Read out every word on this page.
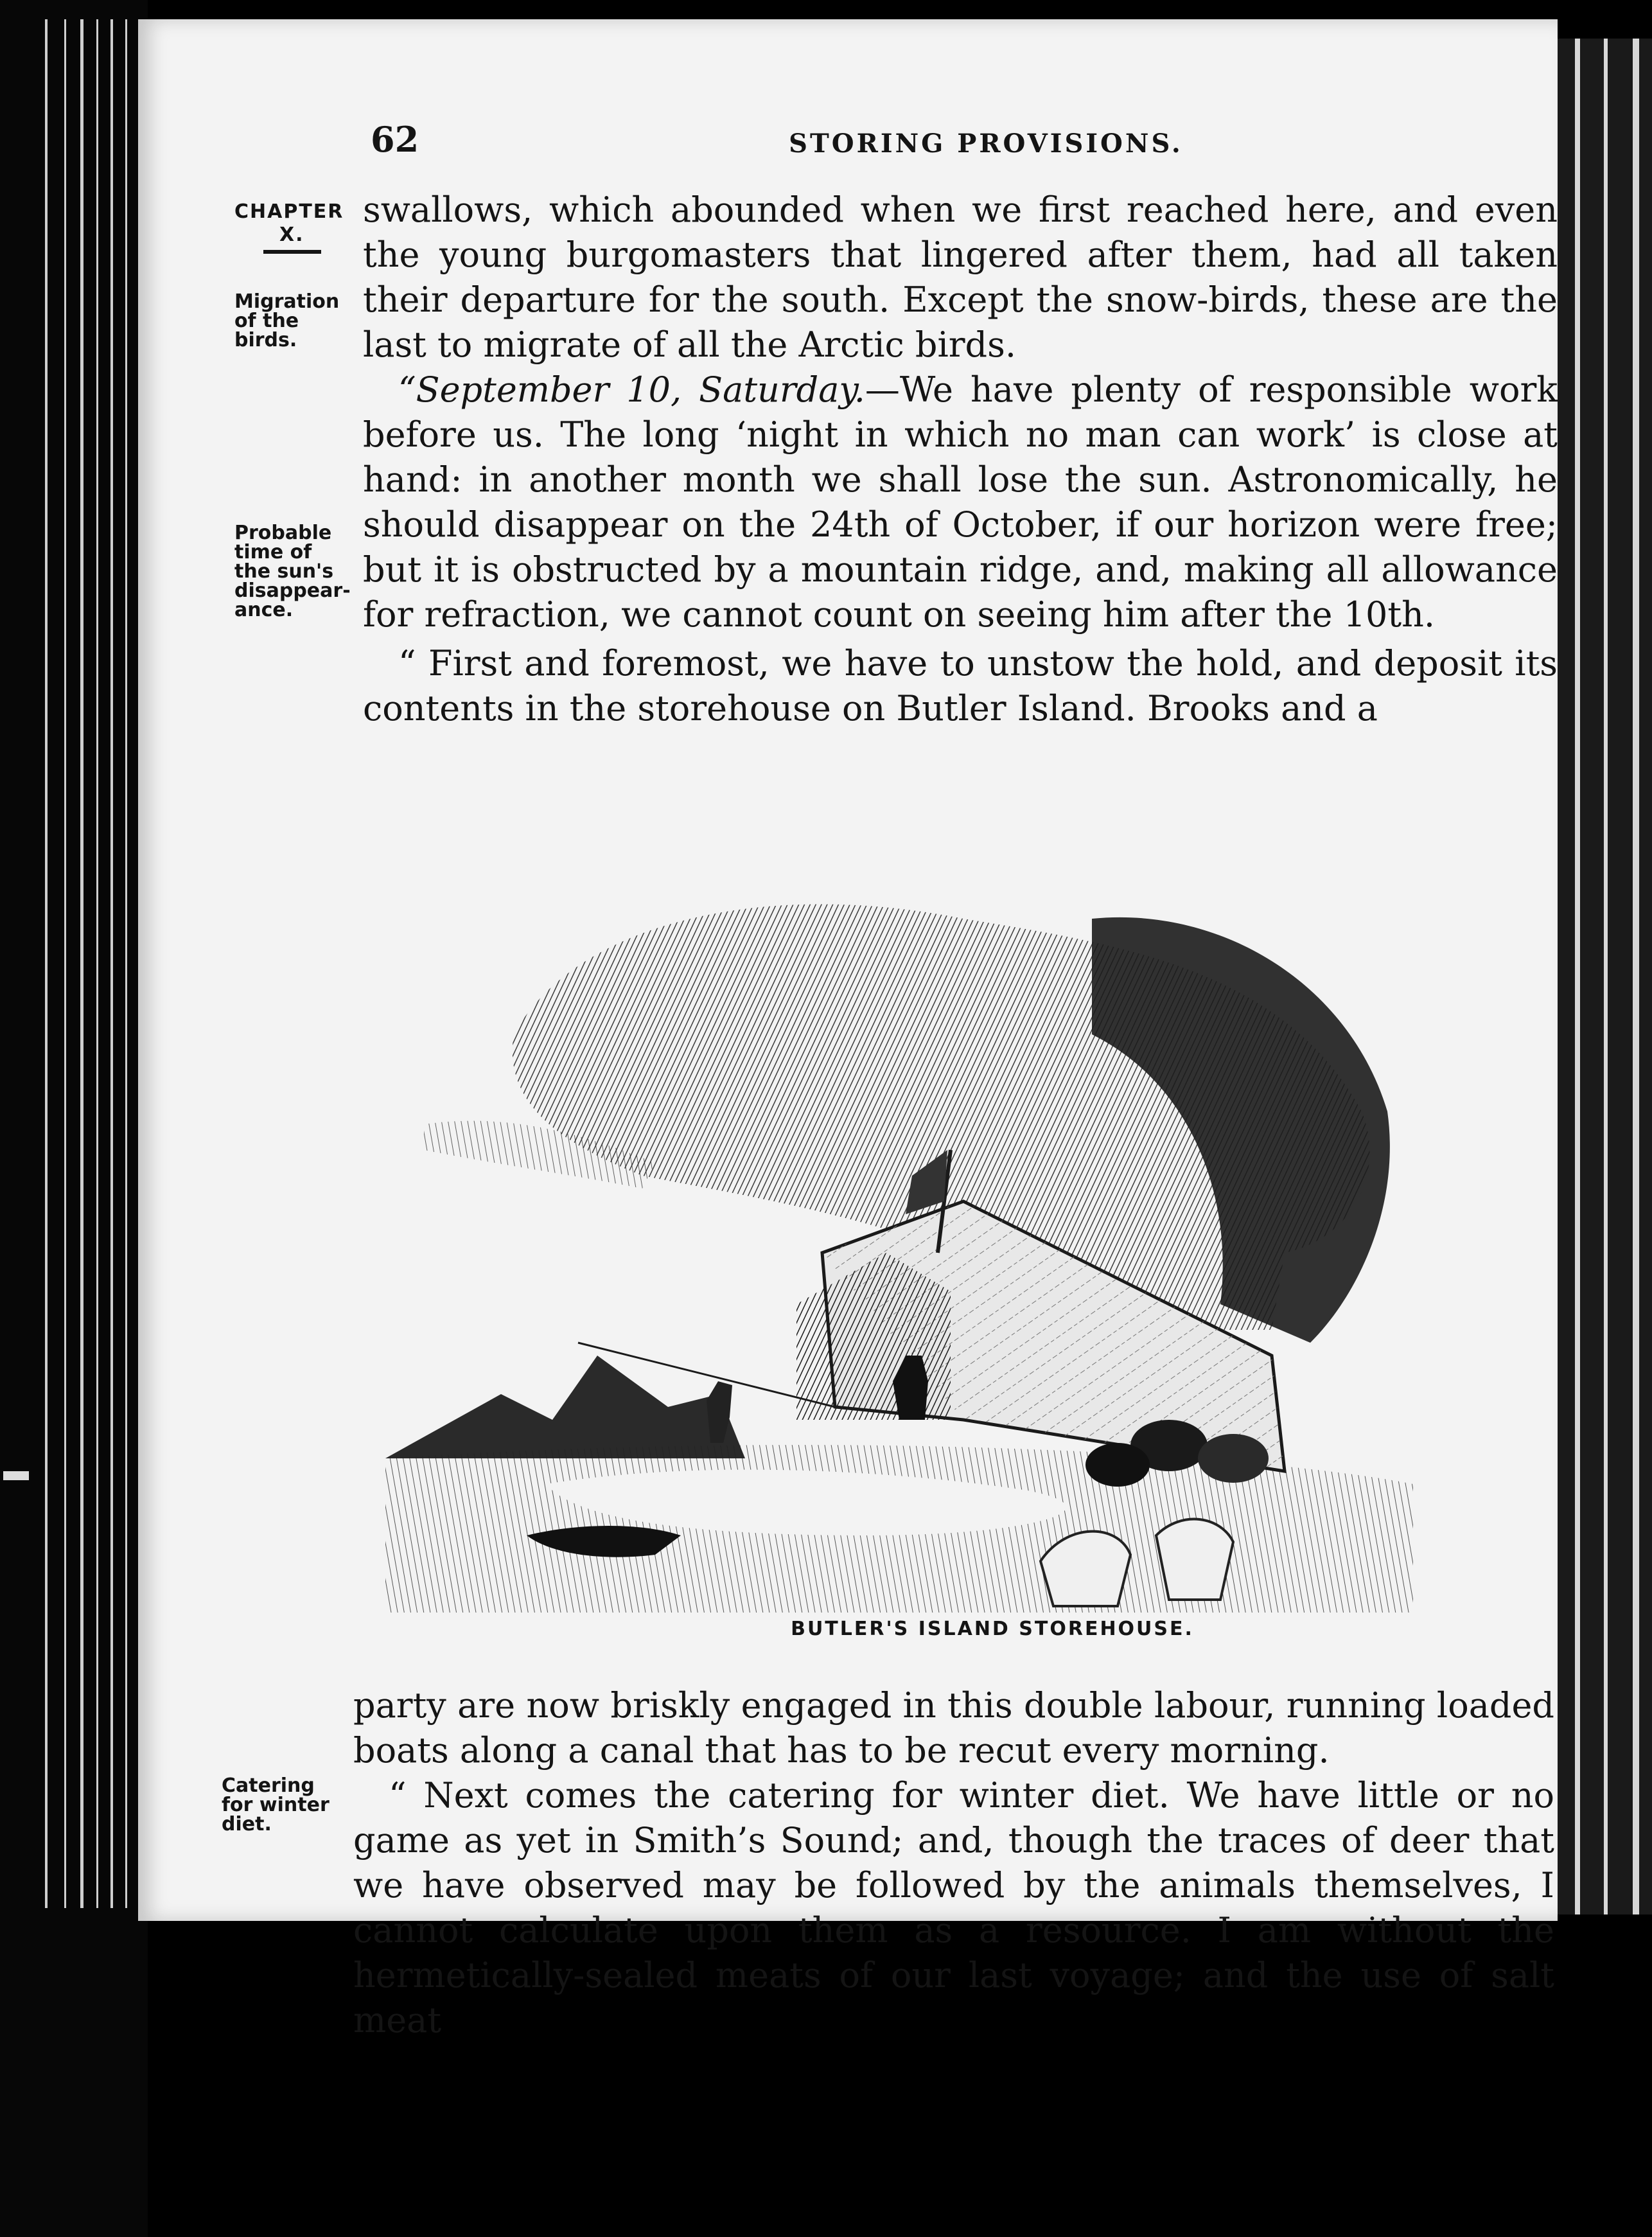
62	STORING PROVISIONS.
CHAPTER
X.
Migration
of the
birds.
Probable
time of
the sun's
disappear-
ance.

swallows, which abounded when we first reached here, and even the young burgomasters that lingered after them, had all taken their departure for the south. Except the snow-birds, these are the last to migrate of all the Arctic birds.

“September 10, Saturday.—We have plenty of responsible work before us. The long ‘night in which no man can work’ is close at hand: in another month we shall lose the sun. Astronomically, he should disappear on the 24th of October, if our horizon were free; but it is obstructed by a mountain ridge, and, making all allowance for refraction, we cannot count on seeing him after the 10th.

“ First and foremost, we have to unstow the hold, and deposit its contents in the storehouse on Butler Island. Brooks and a

BUTLER'S ISLAND STOREHOUSE.
Catering
for winter
diet.

party are now briskly engaged in this double labour, running loaded boats along a canal that has to be recut every morning.

“ Next comes the catering for winter diet. We have little or no game as yet in Smith’s Sound; and, though the traces of deer that we have observed may be followed by the animals themselves, I cannot calculate upon them as a resource. I am without the hermetically-sealed meats of our last voyage; and the use of salt meat
